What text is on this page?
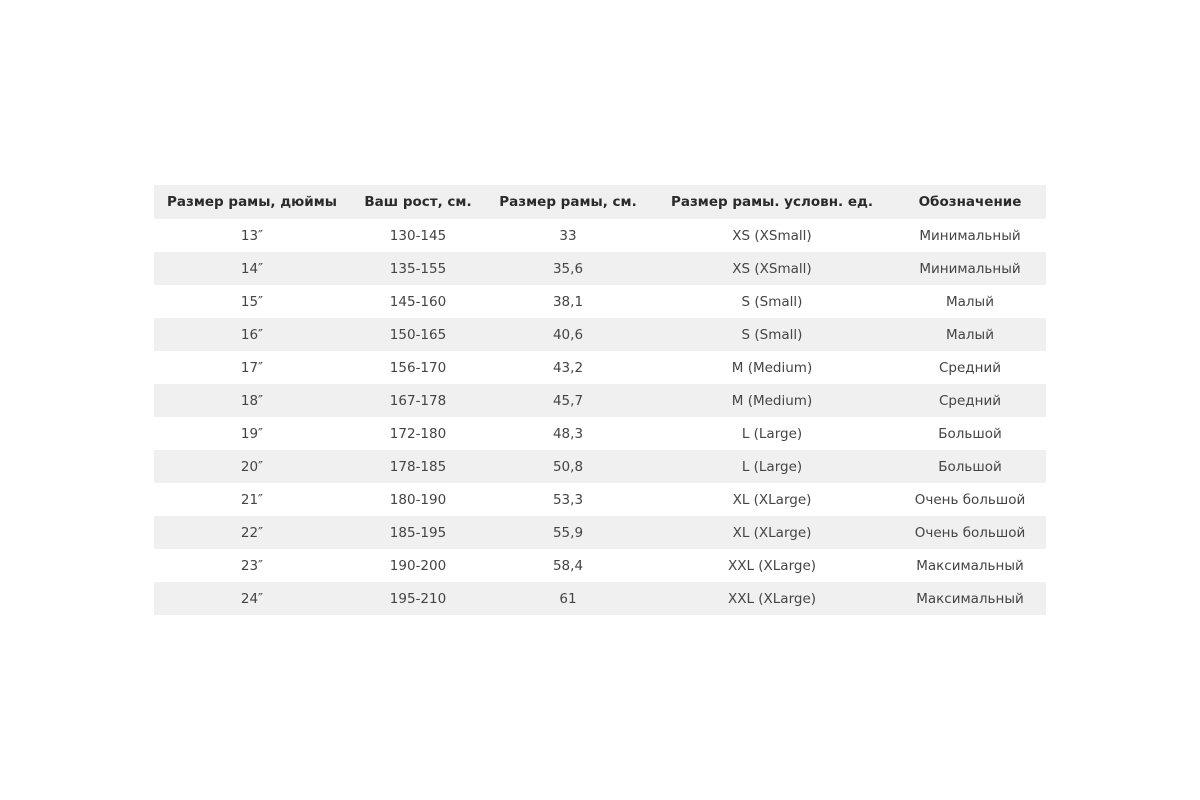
Размер рамы, дюймы	Ваш рост, см.	Размер рамы, см.	Размер рамы. условн. ед.	Обозначение
13″	130-145	33	XS (XSmall)	Минимальный
14″	135-155	35,6	XS (XSmall)	Минимальный
15″	145-160	38,1	S (Small)	Малый
16″	150-165	40,6	S (Small)	Малый
17″	156-170	43,2	M (Medium)	Средний
18″	167-178	45,7	M (Medium)	Средний
19″	172-180	48,3	L (Large)	Большой
20″	178-185	50,8	L (Large)	Большой
21″	180-190	53,3	XL (XLarge)	Очень большой
22″	185-195	55,9	XL (XLarge)	Очень большой
23″	190-200	58,4	XXL (XLarge)	Максимальный
24″	195-210	61	XXL (XLarge)	Максимальный
